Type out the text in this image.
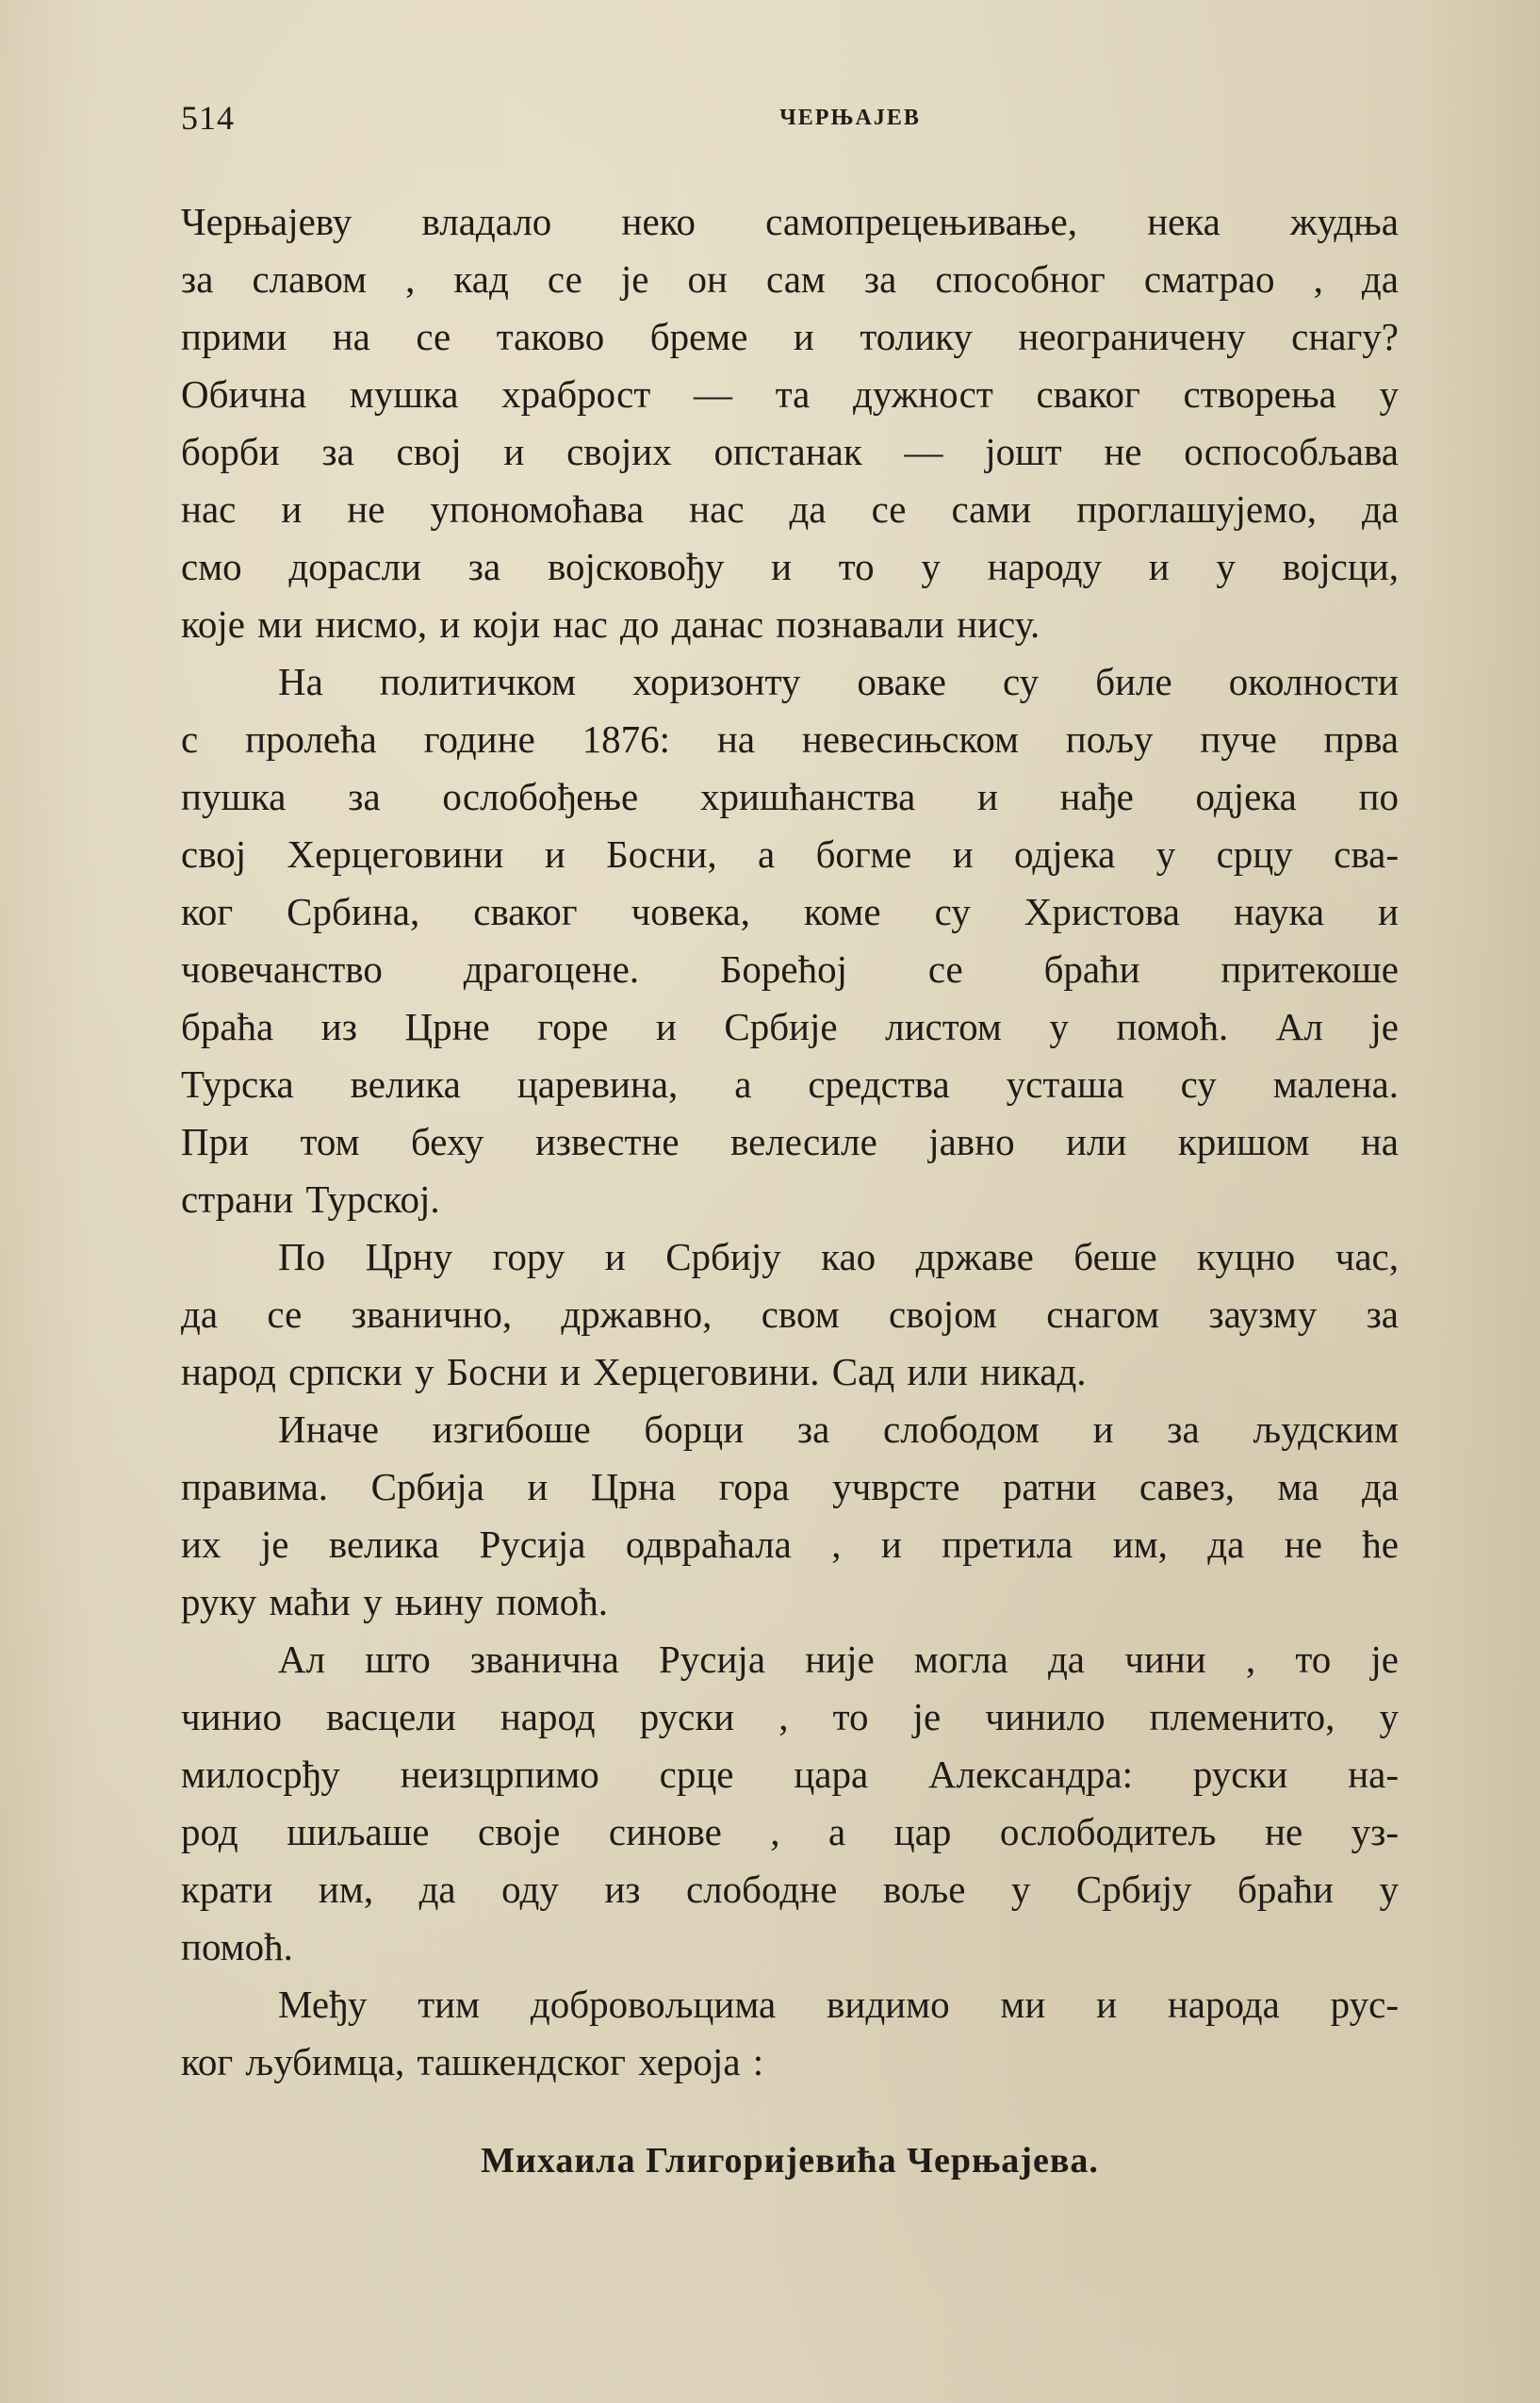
514	ЧЕРЊАЈЕВ

Черњајеву владало неко самопрецењивање, нека жудња
за славом , кад се је он сам за способног сматрао , да
прими на се таково бреме и толику неограничену снагу?
Обична мушка храброст — та дужност сваког створења у
борби за свој и својих опстанак — јошт не оспособљава
нас и не упономоћава нас да се сами проглашујемо, да
смо дорасли за војсковођу и то у народу и у војсци,
које ми нисмо, и који нас до данас познавали нису.

На политичком хоризонту оваке су биле околности
с пролећа године 1876: на невесињском пољу пуче прва
пушка за ослобођење хришћанства и нађе одјека по
свој Херцеговини и Босни, а богме и одјека у срцу сва-
ког Србина, сваког човека, коме су Христова наука и
човечанство драгоцене. Борећој се браћи притекоше
браћа из Црне горе и Србије листом у помоћ. Ал је
Турска велика царевина, а средства усташа су малена.
При том беху известне велесиле јавно или кришом на
страни Турској.

По Црну гору и Србију као државе беше куцно час,
да се званично, државно, свом својом снагом заузму за
народ српски у Босни и Херцеговини. Сад или никад.

Иначе изгибоше борци за слободом и за људским
правима. Србија и Црна гора учврсте ратни савез, ма да
их је велика Русија одвраћала , и претила им, да не ће
руку маћи у њину помоћ.

Ал што званична Русија није могла да чини , то је
чинио васцели народ руски , то је чинило племенито, у
милосрђу неизцрпимо срце цара Александра: руски на-
род шиљаше своје синове , а цар ослободитељ не уз-
крати им, да оду из слободне воље у Србију браћи у
помоћ.

Међу тим добровољцима видимо ми и народа рус-
ког љубимца, ташкендског хероја :

Михаила Глигоријевића Черњајева.
